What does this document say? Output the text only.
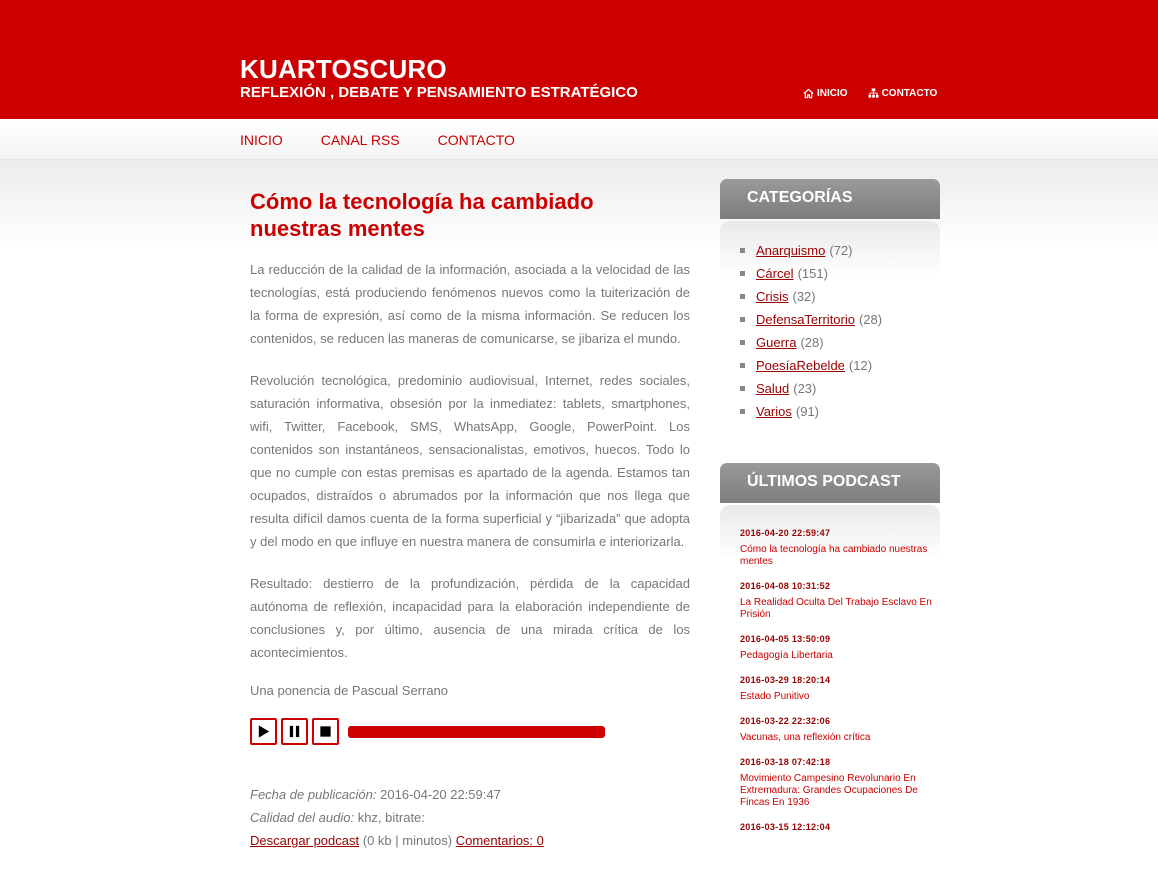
KUARTOSCURO
REFLEXIÓN , DEBATE Y PENSAMIENTO ESTRATÉGICO	INICIO	CONTACTO
INICIO	CANAL RSS	CONTACTO
Cómo la tecnología ha cambiado nuestras mentes

La reducción de la calidad de la información, asociada a la velocidad de las tecnologías, está produciendo fenómenos nuevos como la tuiterización de la forma de expresión, así como de la misma información. Se reducen los contenidos, se reducen las maneras de comunicarse, se jibariza el mundo.

Revolución tecnológica, predominio audiovisual, Internet, redes sociales, saturación informativa, obsesión por la inmediatez: tablets, smartphones, wifi, Twitter, Facebook, SMS, WhatsApp, Google, PowerPoint. Los contenidos son instantáneos, sensacionalistas, emotivos, huecos. Todo lo que no cumple con estas premisas es apartado de la agenda. Estamos tan ocupados, distraídos o abrumados por la información que nos llega que resulta difícil damos cuenta de la forma superficial y “jibarizada” que adopta y del modo en que influye en nuestra manera de consumirla e interiorizarla.

Resultado: destierro de la profundización, pérdida de la capacidad autónoma de reflexión, incapacidad para la elaboración independiente de conclusiones y, por último, ausencia de una mirada crítica de los acontecimientos.

Una ponencia de Pascual Serrano

Fecha de publicación: 2016-04-20 22:59:47
Calidad del audio: khz, bitrate:
Descargar podcast (0 kb | minutos) Comentarios: 0
CATEGORÍAS
Anarquismo (72)
Cárcel (151)
Crisis (32)
DefensaTerritorio (28)
Guerra (28)
PoesíaRebelde (12)
Salud (23)
Varios (91)
ÚLTIMOS PODCAST
2016-04-20 22:59:47
Cómo la tecnología ha cambiado nuestras mentes
2016-04-08 10:31:52
La Realidad Oculta Del Trabajo Esclavo En Prisión
2016-04-05 13:50:09
Pedagogía Libertaria
2016-03-29 18:20:14
Estado Punitivo
2016-03-22 22:32:06
Vacunas, una reflexión crítica
2016-03-18 07:42:18
Movimiento Campesino Revolunario En Extremadura: Grandes Ocupaciones De Fincas En 1936
2016-03-15 12:12:04
